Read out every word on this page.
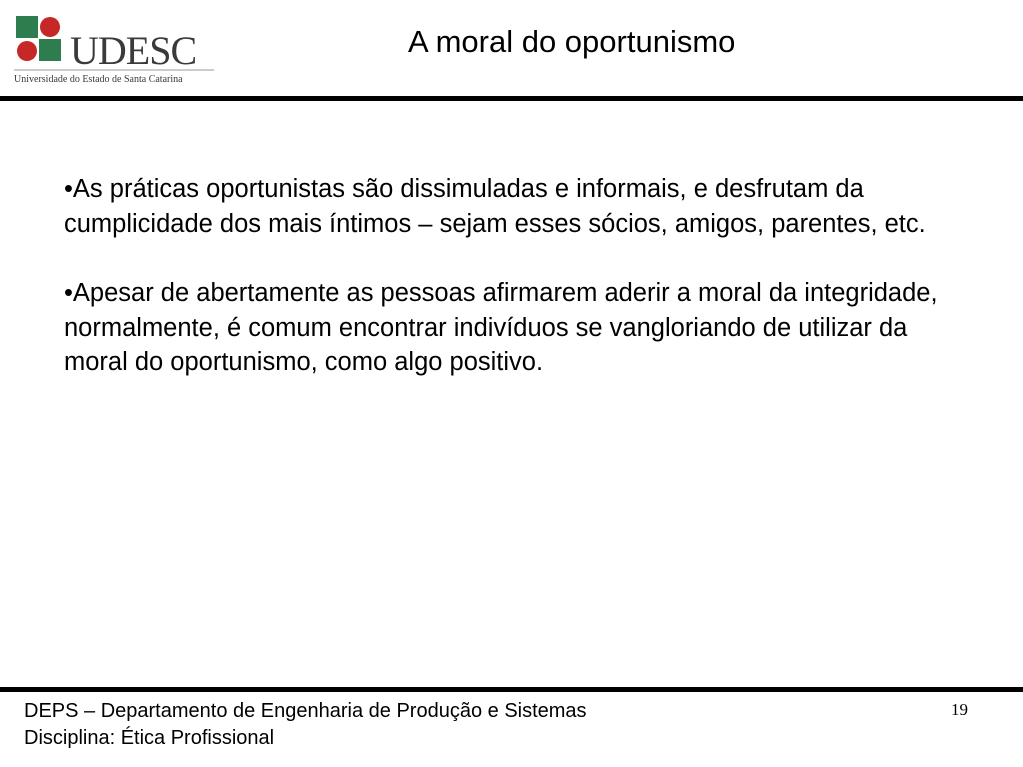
UDESC
Universidade do Estado de Santa Catarina
A moral do oportunismo

•As práticas oportunistas são dissimuladas e informais, e desfrutam da cumplicidade dos mais íntimos – sejam esses sócios, amigos, parentes, etc.

•Apesar de abertamente as pessoas afirmarem aderir a moral da integridade, normalmente, é comum encontrar indivíduos se vangloriando de utilizar da moral do oportunismo, como algo positivo.

DEPS – Departamento de Engenharia de Produção e Sistemas
Disciplina: Ética Profissional
19
